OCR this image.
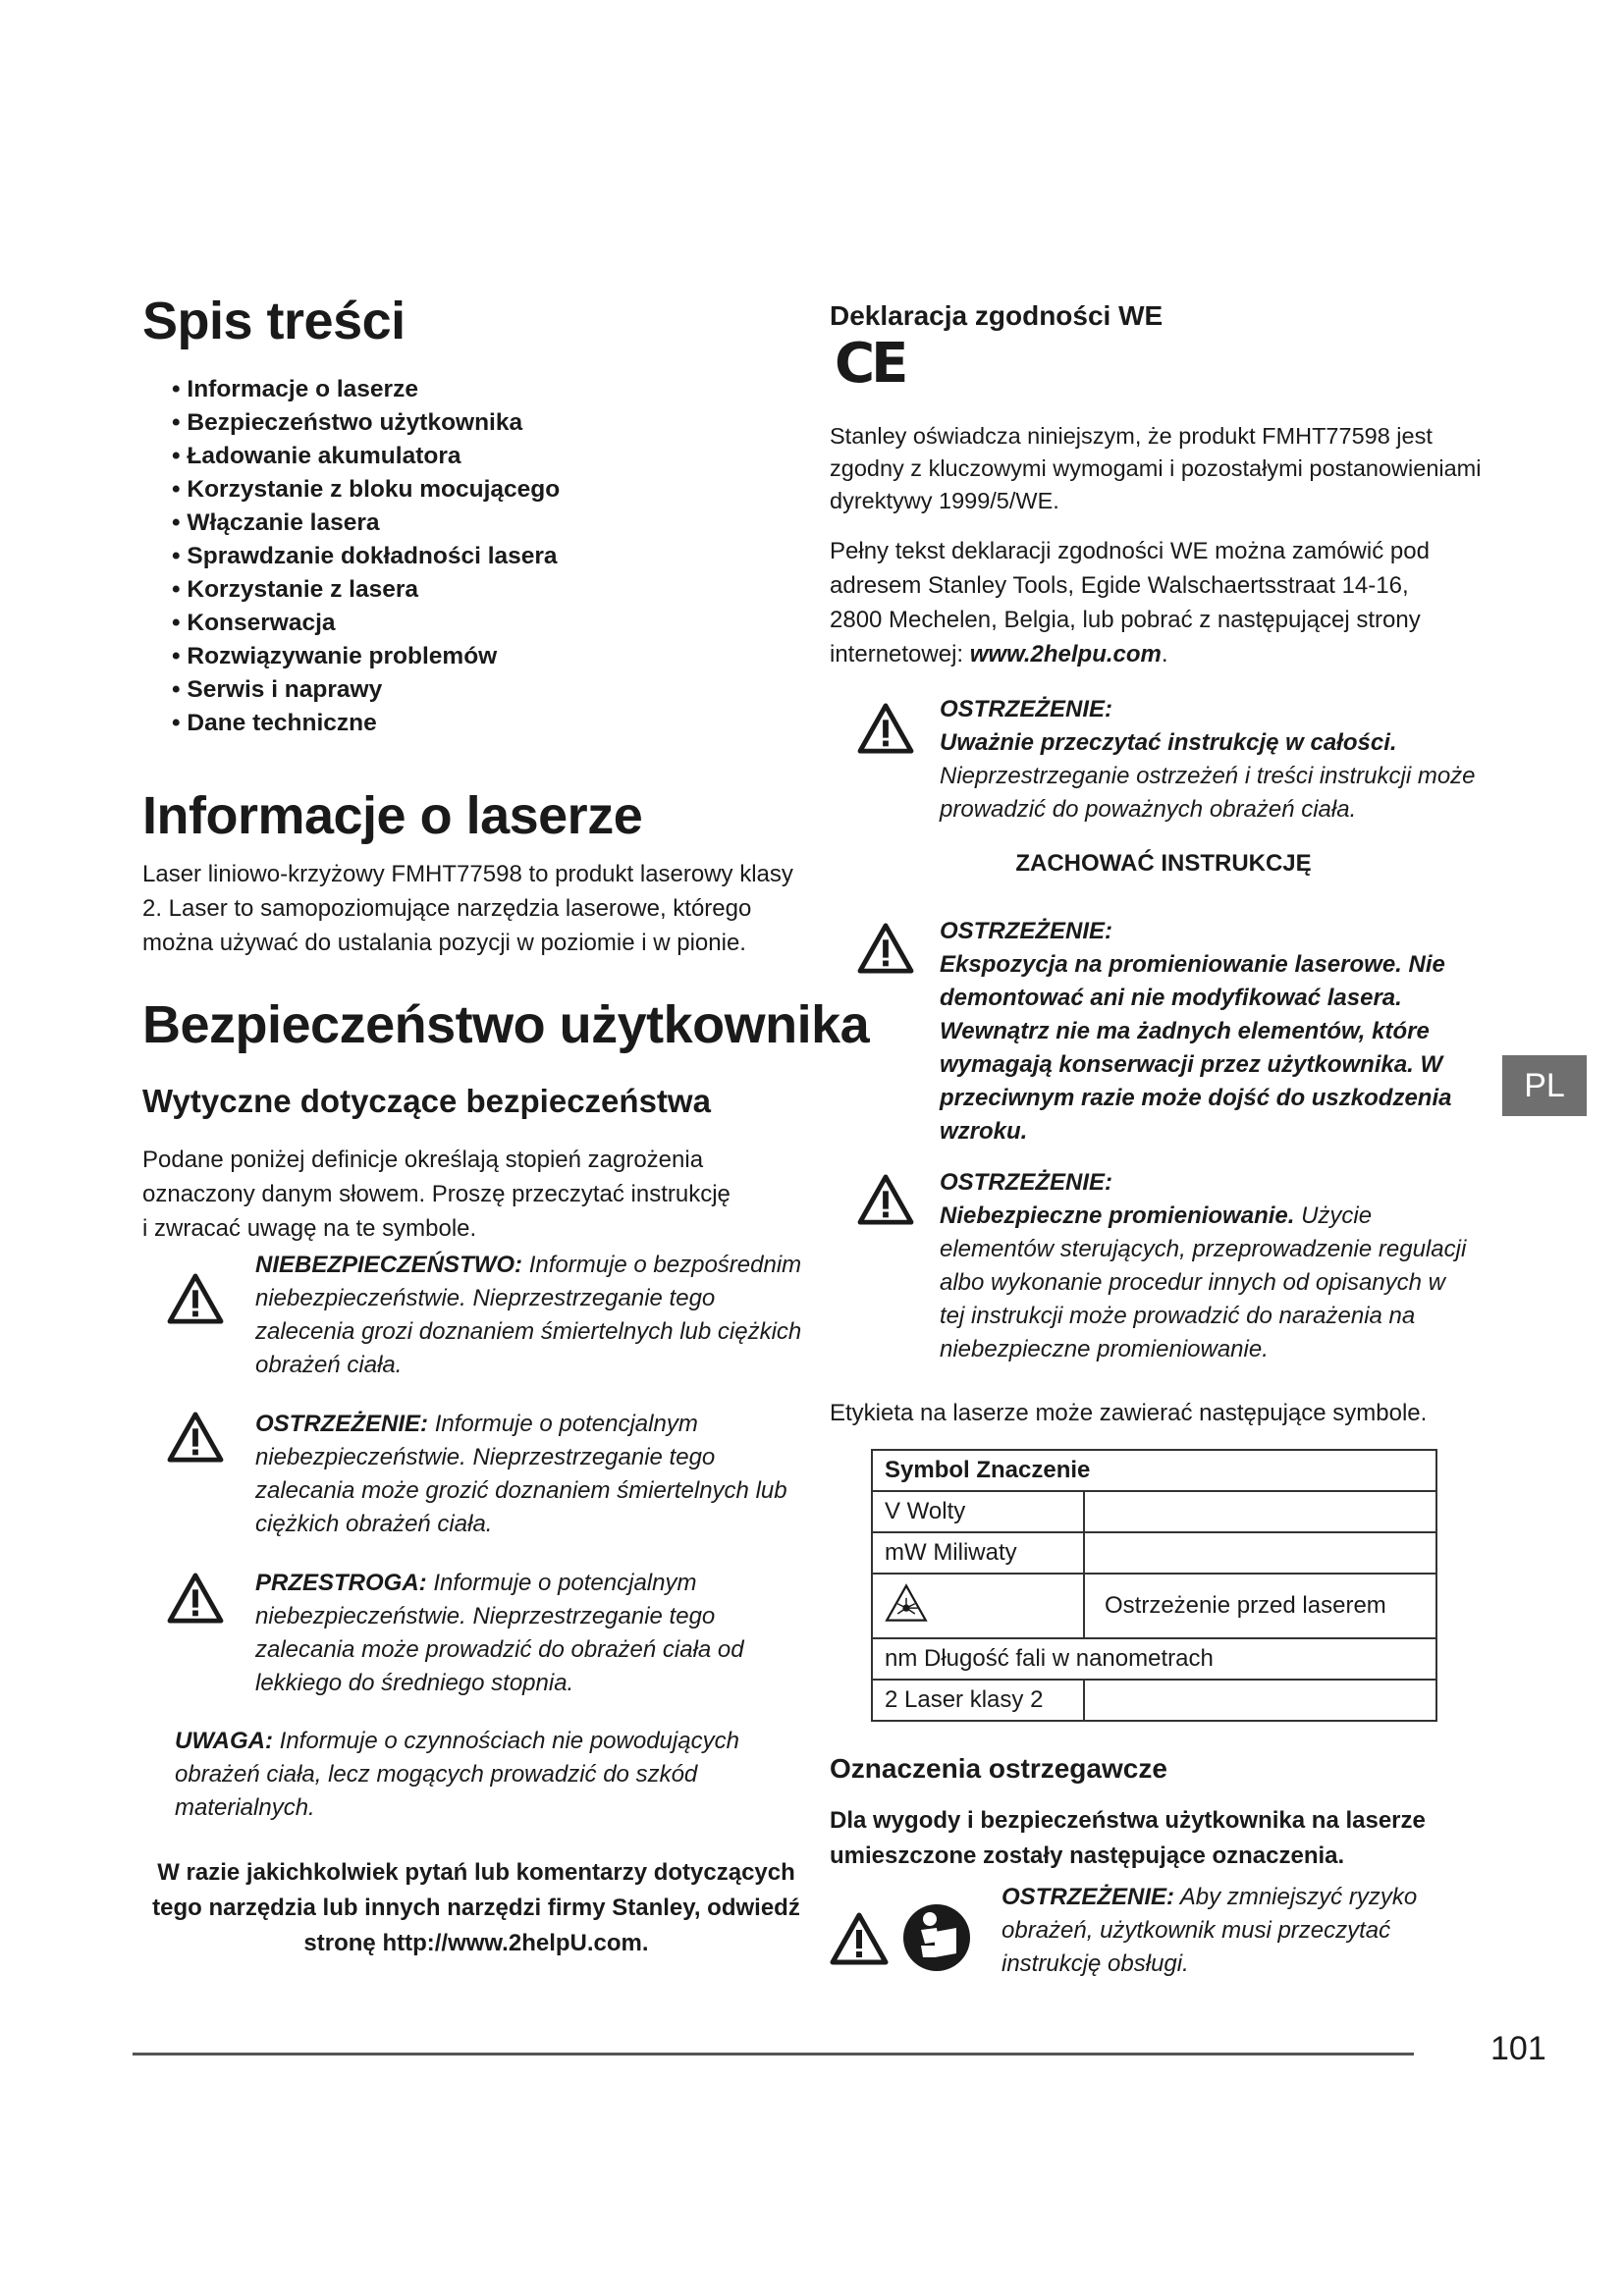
Spis treści
• Informacje o laserze
• Bezpieczeństwo użytkownika
• Ładowanie akumulatora
• Korzystanie z bloku mocującego
• Włączanie lasera
• Sprawdzanie dokładności lasera
• Korzystanie z lasera
• Konserwacja
• Rozwiązywanie problemów
• Serwis i naprawy
• Dane techniczne
Informacje o laserze

Laser liniowo-krzyżowy FMHT77598 to produkt laserowy klasy 2. Laser to samopoziomujące narzędzia laserowe, którego można używać do ustalania pozycji w poziomie i w pionie.

Bezpieczeństwo użytkownika
Wytyczne dotyczące bezpieczeństwa

Podane poniżej definicje określają stopień zagrożenia oznaczony danym słowem. Proszę przeczytać instrukcję i zwracać uwagę na te symbole.

NIEBEZPIECZEŃSTWO: Informuje o bezpośrednim niebezpieczeństwie. Nieprzestrzeganie tego zalecenia grozi doznaniem śmiertelnych lub ciężkich obrażeń ciała.
OSTRZEŻENIE: Informuje o potencjalnym niebezpieczeństwie. Nieprzestrzeganie tego zalecania może grozić doznaniem śmiertelnych lub ciężkich obrażeń ciała.
PRZESTROGA: Informuje o potencjalnym niebezpieczeństwie. Nieprzestrzeganie tego zalecania może prowadzić do obrażeń ciała od lekkiego do średniego stopnia.

UWAGA: Informuje o czynnościach nie powodujących obrażeń ciała, lecz mogących prowadzić do szkód materialnych.

W razie jakichkolwiek pytań lub komentarzy dotyczących tego narzędzia lub innych narzędzi firmy Stanley, odwiedź stronę http://www.2helpU.com.

Deklaracja zgodności WE
CE

Stanley oświadcza niniejszym, że produkt FMHT77598 jest zgodny z kluczowymi wymogami i pozostałymi postanowieniami dyrektywy 1999/5/WE.

Pełny tekst deklaracji zgodności WE można zamówić pod adresem Stanley Tools, Egide Walschaertsstraat 14-16, 2800 Mechelen, Belgia, lub pobrać z następującej strony internetowej: www.2helpu.com.

OSTRZEŻENIE:
Uważnie przeczytać instrukcję w całości.
Nieprzestrzeganie ostrzeżeń i treści instrukcji może prowadzić do poważnych obrażeń ciała.
ZACHOWAĆ INSTRUKCJĘ
OSTRZEŻENIE:
Ekspozycja na promieniowanie laserowe. Nie demontować ani nie modyfikować lasera. Wewnątrz nie ma żadnych elementów, które wymagają konserwacji przez użytkownika. W przeciwnym razie może dojść do uszkodzenia wzroku.
OSTRZEŻENIE:
Niebezpieczne promieniowanie. Użycie elementów sterujących, przeprowadzenie regulacji albo wykonanie procedur innych od opisanych w tej instrukcji może prowadzić do narażenia na niebezpieczne promieniowanie.

Etykieta na laserze może zawierać następujące symbole.

Symbol Znaczenie	
V Wolty	
mW Miliwaty	
	Ostrzeżenie przed laserem
nm Długość fali w nanometrach	
2 Laser klasy 2	
Oznaczenia ostrzegawcze

Dla wygody i bezpieczeństwa użytkownika na laserze umieszczone zostały następujące oznaczenia.

OSTRZEŻENIE: Aby zmniejszyć ryzyko obrażeń, użytkownik musi przeczytać instrukcję obsługi.

PL
101
